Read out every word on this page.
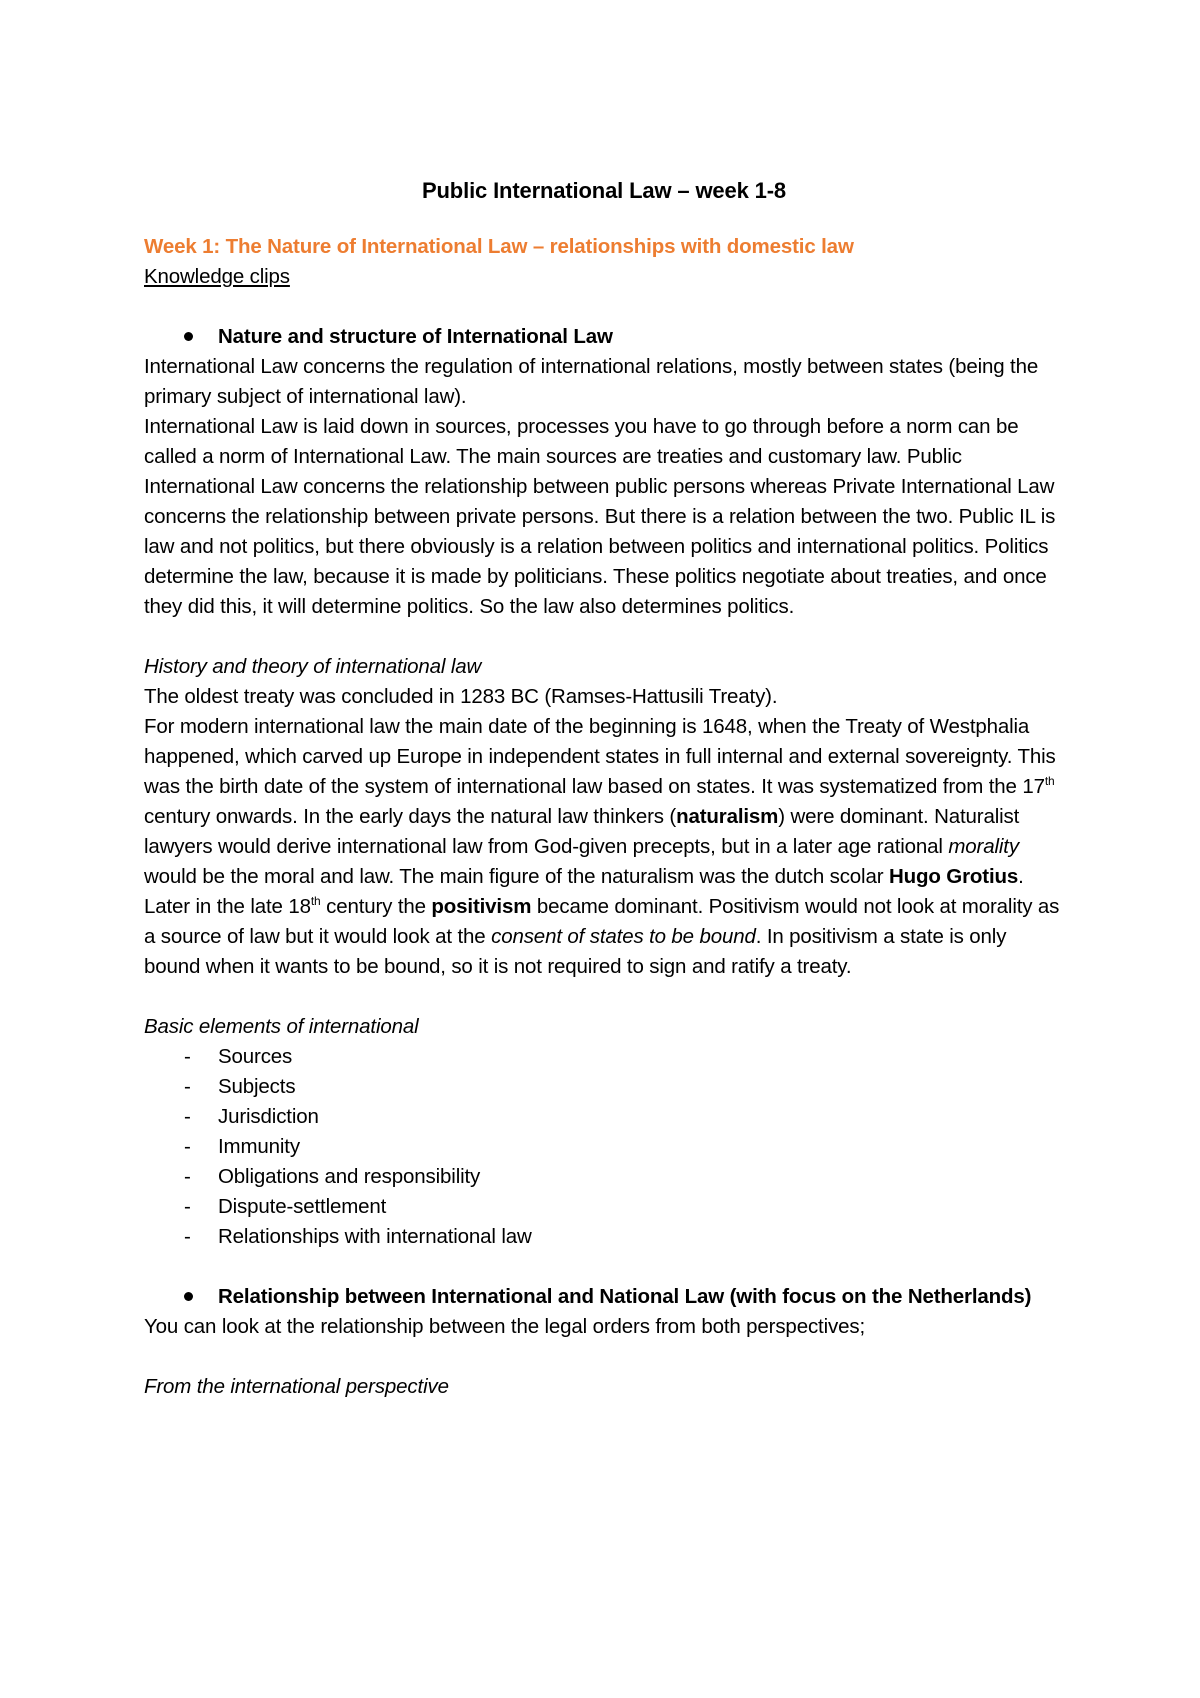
Public International Law – week 1-8

Week 1: The Nature of International Law – relationships with domestic law

Knowledge clips

Nature and structure of International Law

International Law concerns the regulation of international relations, mostly between states (being the primary subject of international law).

International Law is laid down in sources, processes you have to go through before a norm can be called a norm of International Law. The main sources are treaties and customary law. Public International Law concerns the relationship between public persons whereas Private International Law concerns the relationship between private persons. But there is a relation between the two. Public IL is law and not politics, but there obviously is a relation between politics and international politics. Politics determine the law, because it is made by politicians. These politics negotiate about treaties, and once they did this, it will determine politics. So the law also determines politics.

History and theory of international law

The oldest treaty was concluded in 1283 BC (Ramses-Hattusili Treaty).

For modern international law the main date of the beginning is 1648, when the Treaty of Westphalia happened, which carved up Europe in independent states in full internal and external sovereignty. This was the birth date of the system of international law based on states. It was systematized from the 17th century onwards. In the early days the natural law thinkers (naturalism) were dominant. Naturalist lawyers would derive international law from God-given precepts, but in a later age rational morality would be the moral and law. The main figure of the naturalism was the dutch scolar Hugo Grotius.

Later in the late 18th century the positivism became dominant. Positivism would not look at morality as a source of law but it would look at the consent of states to be bound. In positivism a state is only bound when it wants to be bound, so it is not required to sign and ratify a treaty.

Basic elements of international

- Sources
- Subjects
- Jurisdiction
- Immunity
- Obligations and responsibility
- Dispute-settlement
- Relationships with international law
Relationship between International and National Law (with focus on the Netherlands)

You can look at the relationship between the legal orders from both perspectives;

From the international perspective
